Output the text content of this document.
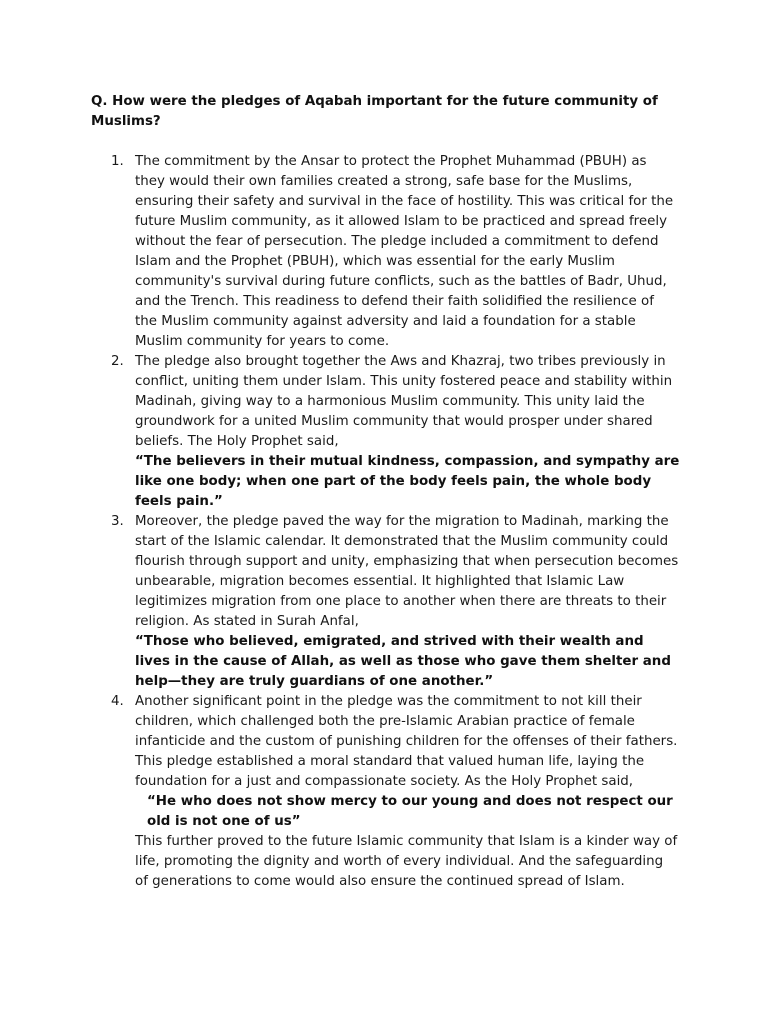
Q. How were the pledges of Aqabah important for the future community of Muslims?

1. The commitment by the Ansar to protect the Prophet Muhammad (PBUH) as they would their own families created a strong, safe base for the Muslims, ensuring their safety and survival in the face of hostility. This was critical for the future Muslim community, as it allowed Islam to be practiced and spread freely without the fear of persecution. The pledge included a commitment to defend Islam and the Prophet (PBUH), which was essential for the early Muslim community's survival during future conflicts, such as the battles of Badr, Uhud, and the Trench. This readiness to defend their faith solidified the resilience of the Muslim community against adversity and laid a foundation for a stable Muslim community for years to come.

2. The pledge also brought together the Aws and Khazraj, two tribes previously in conflict, uniting them under Islam. This unity fostered peace and stability within Madinah, giving way to a harmonious Muslim community. This unity laid the groundwork for a united Muslim community that would prosper under shared beliefs. The Holy Prophet said,

“The believers in their mutual kindness, compassion, and sympathy are like one body; when one part of the body feels pain, the whole body feels pain.”

3. Moreover, the pledge paved the way for the migration to Madinah, marking the start of the Islamic calendar. It demonstrated that the Muslim community could flourish through support and unity, emphasizing that when persecution becomes unbearable, migration becomes essential. It highlighted that Islamic Law legitimizes migration from one place to another when there are threats to their religion. As stated in Surah Anfal,

“Those who believed, emigrated, and strived with their wealth and lives in the cause of Allah, as well as those who gave them shelter and help—they are truly guardians of one another.”

4. Another significant point in the pledge was the commitment to not kill their children, which challenged both the pre-Islamic Arabian practice of female infanticide and the custom of punishing children for the offenses of their fathers. This pledge established a moral standard that valued human life, laying the foundation for a just and compassionate society. As the Holy Prophet said,

“He who does not show mercy to our young and does not respect our old is not one of us”

This further proved to the future Islamic community that Islam is a kinder way of life, promoting the dignity and worth of every individual. And the safeguarding of generations to come would also ensure the continued spread of Islam.
